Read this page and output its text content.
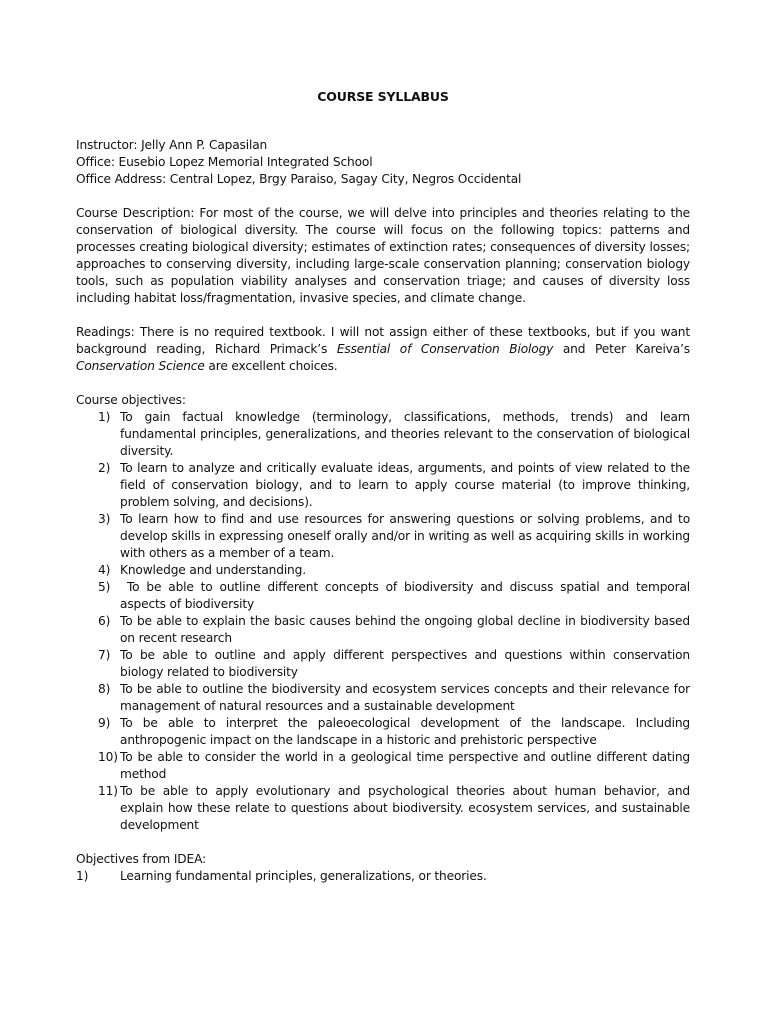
COURSE SYLLABUS

Instructor: Jelly Ann P. Capasilan

Office: Eusebio Lopez Memorial Integrated School

Office Address: Central Lopez, Brgy Paraiso, Sagay City, Negros Occidental

Course Description: For most of the course, we will delve into principles and theories relating to the conservation of biological diversity. The course will focus on the following topics: patterns and processes creating biological diversity; estimates of extinction rates; consequences of diversity losses; approaches to conserving diversity, including large-scale conservation planning; conservation biology tools, such as population viability analyses and conservation triage; and causes of diversity loss including habitat loss/fragmentation, invasive species, and climate change.

Readings: There is no required textbook. I will not assign either of these textbooks, but if you want background reading, Richard Primack’s Essential of Conservation Biology and Peter Kareiva’s Conservation Science are excellent choices.

Course objectives:

1) To gain factual knowledge (terminology, classifications, methods, trends) and learn fundamental principles, generalizations, and theories relevant to the conservation of biological diversity.
2) To learn to analyze and critically evaluate ideas, arguments, and points of view related to the field of conservation biology, and to learn to apply course material (to improve thinking, problem solving, and decisions).
3) To learn how to find and use resources for answering questions or solving problems, and to develop skills in expressing oneself orally and/or in writing as well as acquiring skills in working with others as a member of a team.
4) Knowledge and understanding.
5) To be able to outline different concepts of biodiversity and discuss spatial and temporal aspects of biodiversity
6) To be able to explain the basic causes behind the ongoing global decline in biodiversity based on recent research
7) To be able to outline and apply different perspectives and questions within conservation biology related to biodiversity
8) To be able to outline the biodiversity and ecosystem services concepts and their relevance for management of natural resources and a sustainable development
9) To be able to interpret the paleoecological development of the landscape. Including anthropogenic impact on the landscape in a historic and prehistoric perspective
10) To be able to consider the world in a geological time perspective and outline different dating method
11) To be able to apply evolutionary and psychological theories about human behavior, and explain how these relate to questions about biodiversity. ecosystem services, and sustainable development

Objectives from IDEA:

1)	Learning fundamental principles, generalizations, or theories.
